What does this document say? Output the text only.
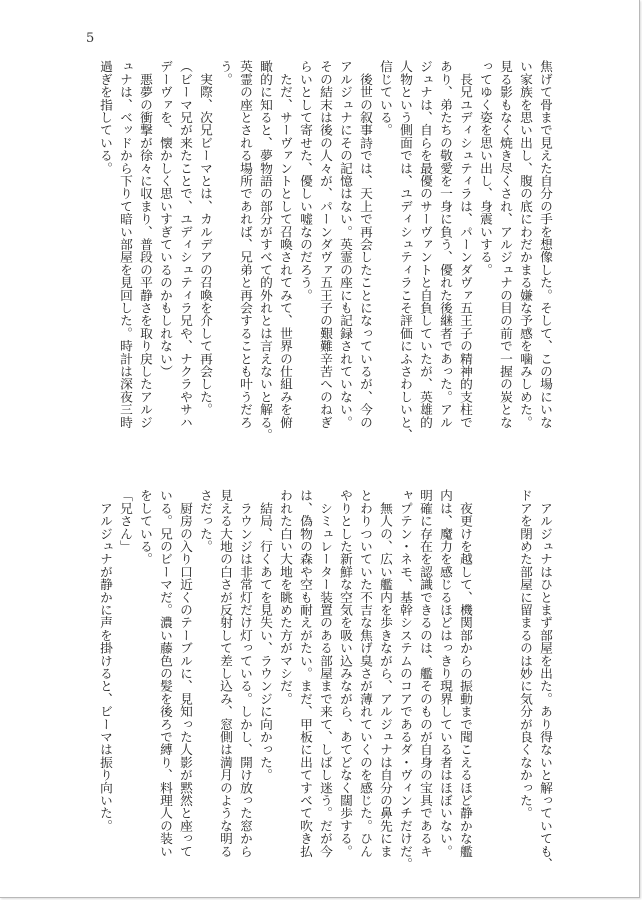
5
焦げて骨まで見えた自分の手を想像した。そして、この場にいな
い家族を思い出し、腹の底にわだかまる嫌な予感を噛みしめた。
見る影もなく焼き尽くされ、アルジュナの目の前で一握の炭とな
ってゆく姿を思い出し、身震いする。
　長兄ユディシュティラは、パーンダヴァ五王子の精神的支柱で
あり、弟たちの敬愛を一身に負う、優れた後継者であった。アル
ジュナは、自らを最優のサーヴァントと自負していたが、英雄的
人物という側面では、ユディシュティラこそ評価にふさわしいと、
信じている。
　後世の叙事詩では、天上で再会したことになっているが、今の
アルジュナにその記憶はない。英霊の座にも記録されていない。
その結末は後の人々が、パーンダヴァ五王子の艱難辛苦へのねぎ
らいとして寄せた、優しい嘘なのだろう。
　ただ、サーヴァントとして召喚されてみて、世界の仕組みを俯
瞰的に知ると、夢物語の部分がすべて的外れとは言えないと解る。
英霊の座とされる場所であれば、兄弟と再会することも叶うだろ
う。
　実際、次兄ビーマとは、カルデアの召喚を介して再会した。
（ビーマ兄が来たことで、ユディシュティラ兄や、ナクラやサハ
デーヴァを、懐かしく思いすぎているのかもしれない）
　悪夢の衝撃が徐々に収まり、普段の平静さを取り戻したアルジ
ュナは、ベッドから下りて暗い部屋を見回した。時計は深夜三時
過ぎを指している。
　アルジュナはひとまず部屋を出た。あり得ないと解っていても、
ドアを閉めた部屋に留まるのは妙に気分が良くなかった。
　夜更けを越して、機関部からの振動まで聞こえるほど静かな艦
内は、魔力を感じるほどはっきり現界している者はほぼいない。
明確に存在を認識できるのは、艦そのものが自身の宝具であるキ
ャプテン・ネモ、基幹システムのコアであるダ・ヴィンチだけだ。
　無人の、広い艦内を歩きながら、アルジュナは自分の鼻先にま
とわりついていた不吉な焦げ臭さが薄れていくのを感じた。ひん
やりとした新鮮な空気を吸い込みながら、あてどなく闊歩する。
　シミュレーター装置のある部屋まで来て、しばし迷う。だが今
は、偽物の森や空も耐えがたい。まだ、甲板に出てすべて吹き払
われた白い大地を眺めた方がマシだ。
　結局、行くあてを見失い、ラウンジに向かった。
　ラウンジは非常灯だけ灯っている。しかし、開け放った窓から
見える大地の白さが反射して差し込み、窓側は満月のような明る
さだった。
　厨房の入り口近くのテーブルに、見知った人影が黙然と座って
いる。兄のビーマだ。濃い藤色の髪を後ろで縛り、料理人の装い
をしている。
「兄さん」
　アルジュナが静かに声を掛けると、ビーマは振り向いた。
